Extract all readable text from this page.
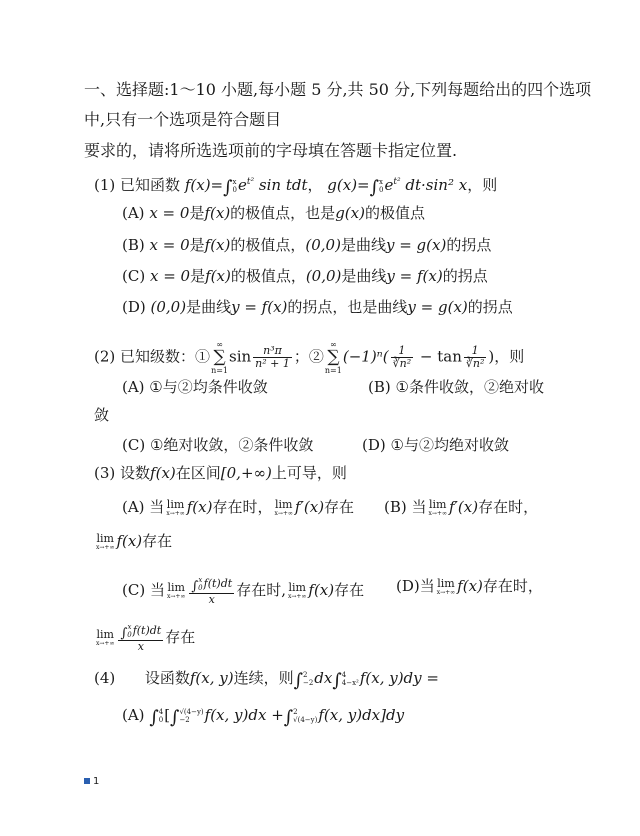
一、选择题:1～10 小题,每小题 5 分,共 50 分,下列每题给出的四个选项
中,只有一个选项是符合题目
要求的，请将所选选项前的字母填在答题卡指定位置.
(1) 已知函数 f(x)=∫ x
0 $e^{t^2}$ sin tdt， g(x)=∫ x
0 $e^{t^2}$ dt·sin² x，则
(A) x = 0是f(x)的极值点，也是g(x)的极值点
(B) x = 0是f(x)的极值点，(0,0)是曲线y = g(x)的拐点
(C) x = 0是f(x)的极值点，(0,0)是曲线y = f(x)的拐点
(D) (0,0)是曲线y = f(x)的拐点，也是曲线y = g(x)的拐点
(2) 已知级数：①∞
∑
$n=1\sin \frac{\text{n³π}}{\text{n² + 1}}$ ；②∞
∑
$n=1(-1)^n( \frac{1}{\text{∛n²}} - \tan \frac{1}{\text{∛n²}}$ )，则
(A) ①与②均条件收敛	(B) ①条件收敛，②绝对收
敛
(C) ①绝对收敛，②条件收敛	(D) ①与②均绝对收敛
(3) 设数f(x)在区间[0,+∞)上可导，则
(A) 当 lim
x→+∞ f(x)存在时， lim
x→+∞ f′(x)存在 (B) 当 lim
x→+∞ f′(x)存在时，
lim
x→+∞ f(x)存在
(C) 当 lim
x→+∞ ∫ x
0 f(t)dt
x 存在时, lim
x→+∞ f(x)存在 (D)当 lim
x→+∞ f(x)存在时，
lim
x→+∞ ∫ x
0 f(t)dt
x 存在
(4) 设函数f(x, y)连续，则∫ 2
−2 dx∫ 4
4−x² f(x, y)dy =
(A) ∫ 4
0 [∫ √(4−y)
−2 f(x, y)dx +∫ 2
√(4−y) f(x, y)dx]dy
1
